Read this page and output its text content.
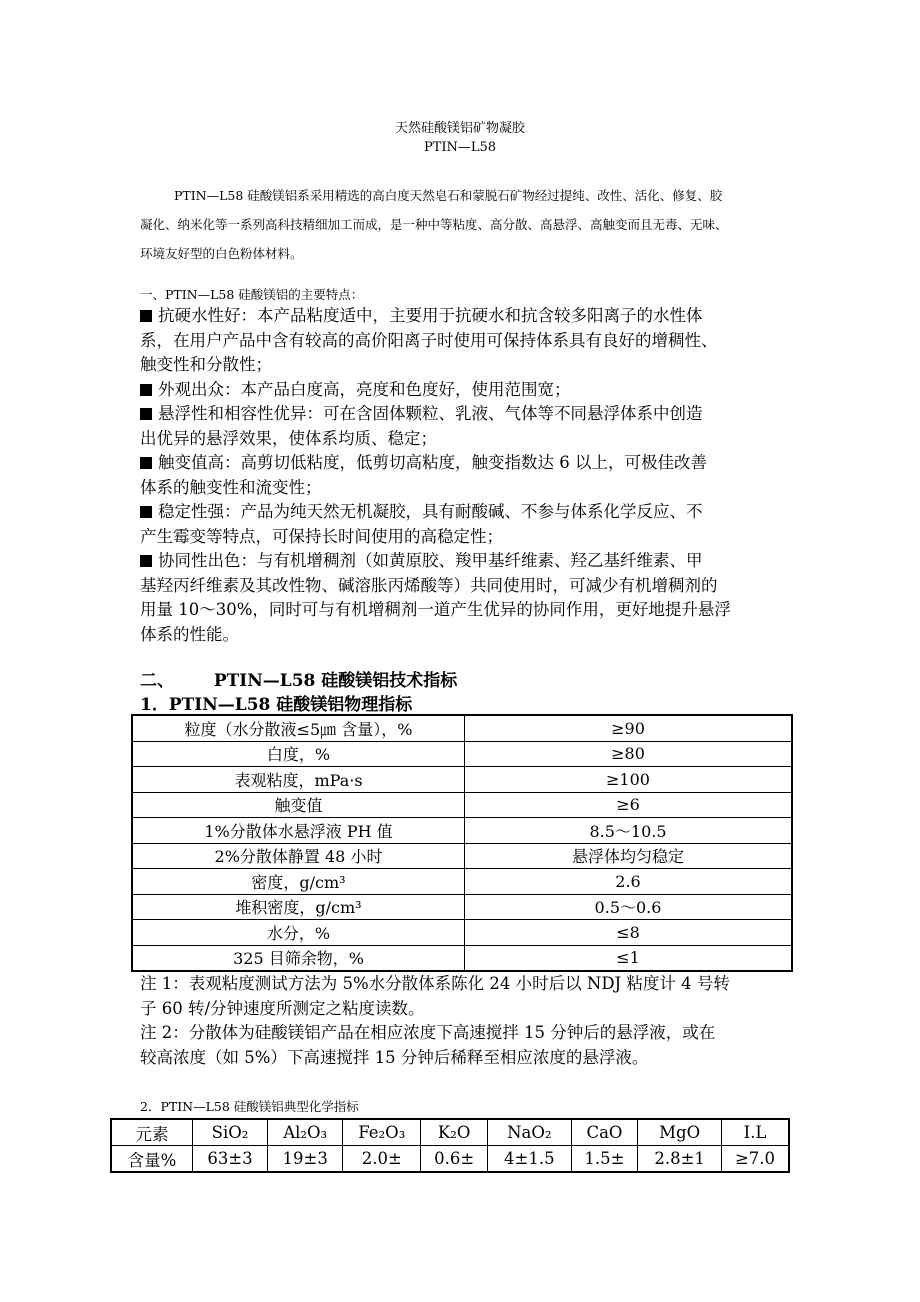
天然硅酸镁铝矿物凝胶
PTIN—L58
PTIN—L58 硅酸镁铝系采用精选的高白度天然皂石和蒙脱石矿物经过提纯、改性、活化、修复、胶
凝化、纳米化等一系列高科技精细加工而成，是一种中等粘度、高分散、高悬浮、高触变而且无毒、无味、
环境友好型的白色粉体材料。
一、PTIN—L58 硅酸镁铝的主要特点：
抗硬水性好：本产品粘度适中，主要用于抗硬水和抗含较多阳离子的水性体
系，在用户产品中含有较高的高价阳离子时使用可保持体系具有良好的增稠性、
触变性和分散性；
外观出众：本产品白度高，亮度和色度好，使用范围宽；
悬浮性和相容性优异：可在含固体颗粒、乳液、气体等不同悬浮体系中创造
出优异的悬浮效果，使体系均质、稳定；
触变值高：高剪切低粘度，低剪切高粘度，触变指数达 6 以上，可极佳改善
体系的触变性和流变性；
稳定性强：产品为纯天然无机凝胶，具有耐酸碱、不参与体系化学反应、不
产生霉变等特点，可保持长时间使用的高稳定性；
协同性出色：与有机增稠剂（如黄原胶、羧甲基纤维素、羟乙基纤维素、甲
基羟丙纤维素及其改性物、碱溶胀丙烯酸等）共同使用时，可减少有机增稠剂的
用量 10～30%，同时可与有机增稠剂一道产生优异的协同作用，更好地提升悬浮
体系的性能。
二、 PTIN—L58 硅酸镁铝技术指标
1．PTIN—L58 硅酸镁铝物理指标
粒度（水分散液≤5㎛ 含量），%	≥90
白度，%	≥80
表观粘度，mPa·s	≥100
触变值	≥6
1%分散体水悬浮液 PH 值	8.5～10.5
2%分散体静置 48 小时	悬浮体均匀稳定
密度，g/cm³	2.6
堆积密度，g/cm³	0.5～0.6
水分，%	≤8
325 目筛余物，%	≤1
注 1：表观粘度测试方法为 5%水分散体系陈化 24 小时后以 NDJ 粘度计 4 号转
子 60 转/分钟速度所测定之粘度读数。
注 2：分散体为硅酸镁铝产品在相应浓度下高速搅拌 15 分钟后的悬浮液，或在
较高浓度（如 5%）下高速搅拌 15 分钟后稀释至相应浓度的悬浮液。
2．PTIN—L58 硅酸镁铝典型化学指标
元素	SiO₂	Al₂O₃	Fe₂O₃	K₂O	NaO₂	CaO	MgO	I.L
含量%	63±3	19±3	2.0±	0.6±	4±1.5	1.5±	2.8±1	≥7.0
